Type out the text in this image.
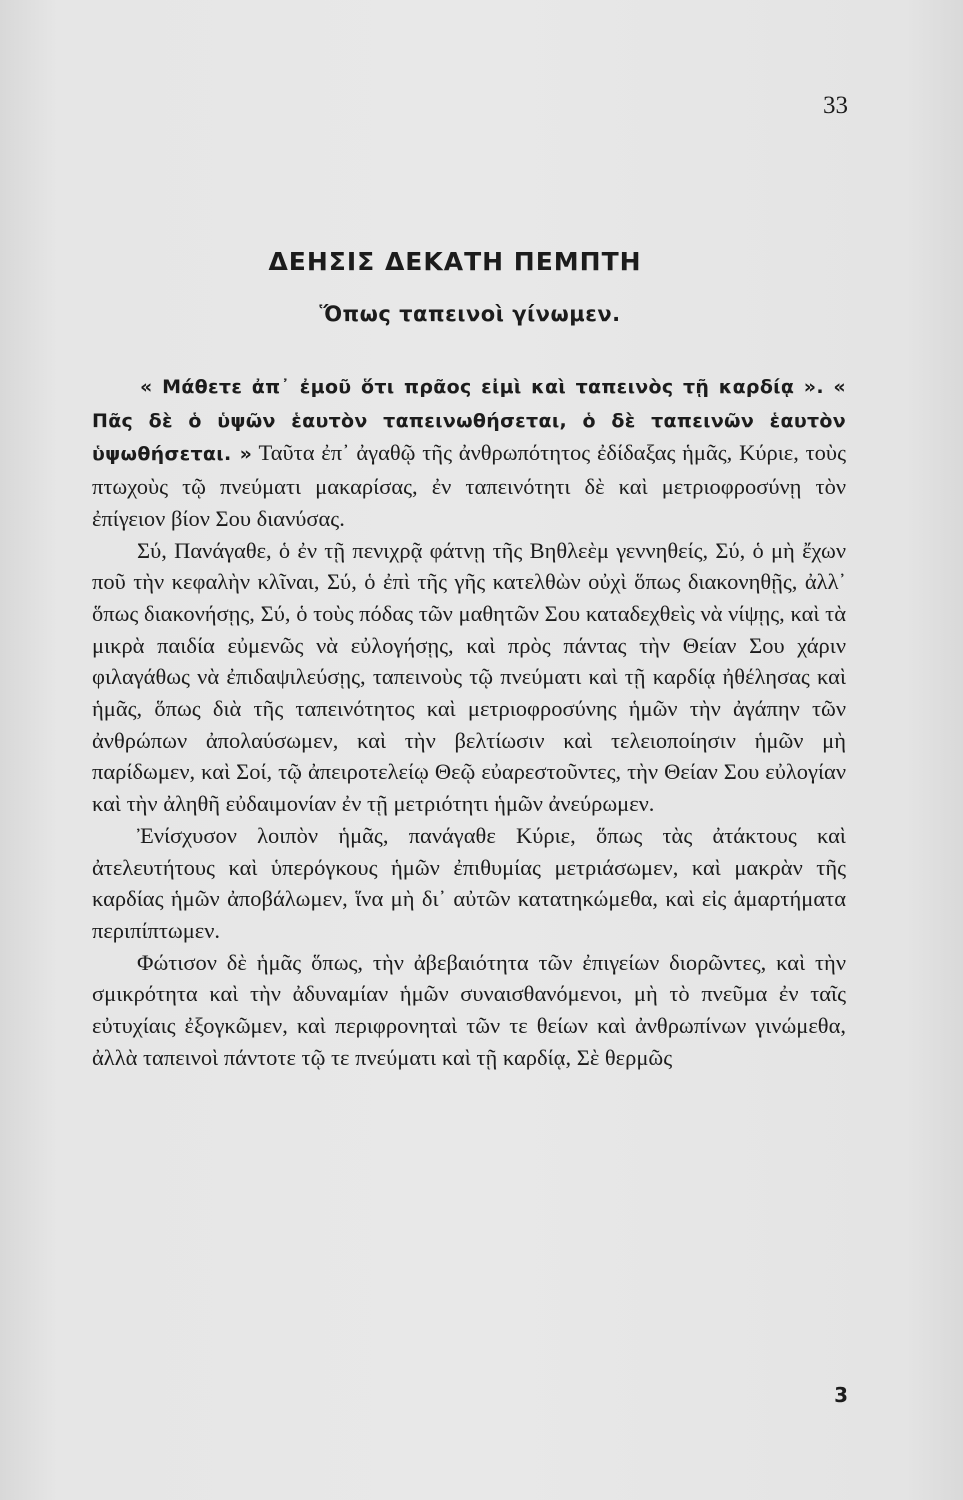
33
ΔΕΗΣΙΣ ΔΕΚΑΤΗ ΠΕΜΠΤΗ
Ὅπως ταπεινοὶ γίνωμεν.

« Μάθετε ἀπ᾽ ἐμοῦ ὅτι πρᾶος εἰμὶ καὶ ταπεινὸς τῇ καρδίᾳ ». « Πᾶς δὲ ὁ ὑψῶν ἑαυτὸν ταπεινωθήσεται, ὁ δὲ ταπεινῶν ἑαυτὸν ὑψωθήσεται. » Ταῦτα ἐπ᾽ ἀγαθῷ τῆς ἀνθρωπότητος ἐδίδαξας ἡμᾶς, Κύριε, τοὺς πτωχοὺς τῷ πνεύματι μακαρίσας, ἐν ταπεινότητι δὲ καὶ μετριοφροσύνῃ τὸν ἐπίγειον βίον Σου διανύσας.

Σύ, Πανάγαθε, ὁ ἐν τῇ πενιχρᾷ φάτνῃ τῆς Βηθλεὲμ γεννηθείς, Σύ, ὁ μὴ ἔχων ποῦ τὴν κεφαλὴν κλῖναι, Σύ, ὁ ἐπὶ τῆς γῆς κατελθὼν οὐχὶ ὅπως διακονηθῇς, ἀλλ᾽ ὅπως διακονήσῃς, Σύ, ὁ τοὺς πόδας τῶν μαθητῶν Σου καταδεχθεὶς νὰ νίψῃς, καὶ τὰ μικρὰ παιδία εὐμενῶς νὰ εὐλογήσῃς, καὶ πρὸς πάντας τὴν Θείαν Σου χάριν φιλαγάθως νὰ ἐπιδαψιλεύσῃς, ταπεινοὺς τῷ πνεύματι καὶ τῇ καρδίᾳ ἠθέλησας καὶ ἡμᾶς, ὅπως διὰ τῆς ταπεινότητος καὶ μετριοφροσύνης ἡμῶν τὴν ἀγάπην τῶν ἀνθρώπων ἀπολαύσωμεν, καὶ τὴν βελτίωσιν καὶ τελειοποίησιν ἡμῶν μὴ παρίδωμεν, καὶ Σοί, τῷ ἀπειροτελείῳ Θεῷ εὐαρεστοῦντες, τὴν Θείαν Σου εὐλογίαν καὶ τὴν ἀληθῆ εὐδαιμονίαν ἐν τῇ μετριότητι ἡμῶν ἀνεύρωμεν.

Ἐνίσχυσον λοιπὸν ἡμᾶς, πανάγαθε Κύριε, ὅπως τὰς ἀτάκτους καὶ ἀτελευτήτους καὶ ὑπερόγκους ἡμῶν ἐπιθυμίας μετριάσωμεν, καὶ μακρὰν τῆς καρδίας ἡμῶν ἀποβάλωμεν, ἵνα μὴ δι᾽ αὐτῶν κατατηκώμεθα, καὶ εἰς ἁμαρτήματα περιπίπτωμεν.

Φώτισον δὲ ἡμᾶς ὅπως, τὴν ἀβεβαιότητα τῶν ἐπιγείων διορῶντες, καὶ τὴν σμικρότητα καὶ τὴν ἀδυναμίαν ἡμῶν συναισθανόμενοι, μὴ τὸ πνεῦμα ἐν ταῖς εὐτυχίαις ἐξογκῶμεν, καὶ περιφρονηταὶ τῶν τε θείων καὶ ἀνθρωπίνων γινώμεθα, ἀλλὰ ταπεινοὶ πάντοτε τῷ τε πνεύματι καὶ τῇ καρδίᾳ, Σὲ θερμῶς

3
